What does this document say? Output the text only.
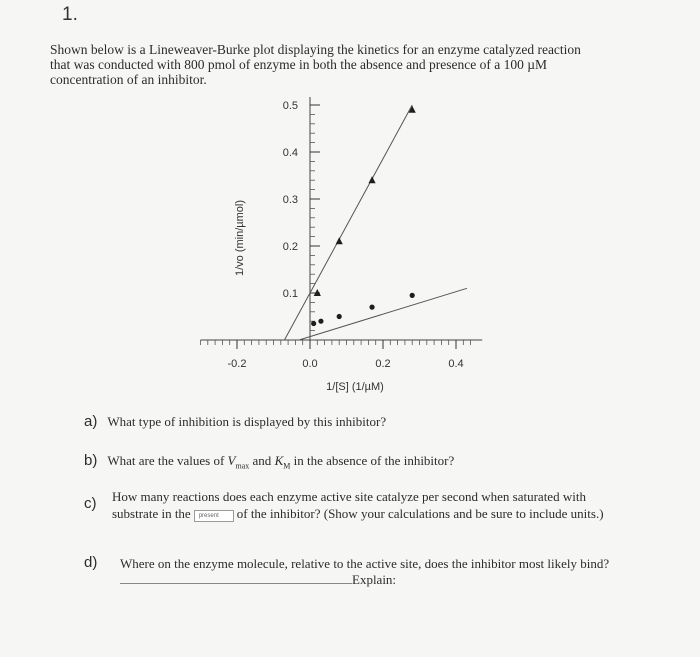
1.
Shown below is a Lineweaver-Burke plot displaying the kinetics for an enzyme catalyzed reaction
that was conducted with 800 pmol of enzyme in both the absence and presence of a 100 µM
concentration of an inhibitor.
0.1
0.2
0.3
0.4
0.5
-0.2	0.0	0.2	0.4
1/[S] (1/µM)
1/vo (min/µmol)
a) What type of inhibition is displayed by this inhibitor?
b) What are the values of $V_{max}$ and $K_M$ in the absence of the inhibitor?
c) How many reactions does each enzyme active site catalyze per second when saturated with
substrate in the present of the inhibitor? (Show your calculations and be sure to include units.)
d) Where on the enzyme molecule, relative to the active site, does the inhibitor most likely bind?
Explain:
